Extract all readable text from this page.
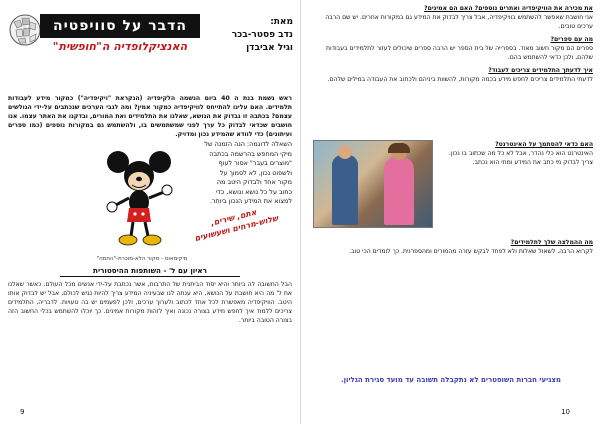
הדבר על סוויפטיה
האנציקלופדיה ה"חופשית"
מאת:
נדב פסטר-בכר
וגיל אביבדן
ראש נשמת בנת ה 40 ביום הנשמה הלקיפדיה (הנקראת "ויקיפדיה") כמקור מידע לעבודות תלמידים. האם עלינו להתייחס לוויקיפדיה כמקור אמין? ומה לגבי הערכים שנכתבים על-ידי הגולשים עצמם? בכתבה זו נבדוק את הנושא, שאלנו את התלמידים ואת המורים, ובדקנו את האתר עצמו. אנו חושבים שכדאי לבדוק כל ערך לפני שמשתמשים בו, ולהשתמש גם במקורות נוספים (כמו ספרים ועיתונים) כדי לוודא שהמידע נכון ומדויק.
השאלה לדוגמה: הנה הזמנה של מיקי המחפש בהרשמה בכתבה "מוצרים בעבר" אסור לעוף ולשפוט נכון, לא לסמוך על מקור אחד ולבדוק היטב מה כתוב על כל נושא ונושא, כדי למצוא את המידע הנכון ביותר.
מיקימאוס - מקור הלא-מוכרת-"החמה"
אתם, שירים, שלוש-מרחים ושעשועים
ראיון עם ל' - השותפות ההיסטורית
הבל החשובה לה ביותר והיא יסוד הביתנית של התרבות, אשר נכתבת על-ידי אנשים מכל העולם. כאשר שאלנו את ל' מה היא חושבת על הנושא, היא ענתה לנו שבעיניה המידע צריך להיות נגיש לכולם, אבל יש לבדוק אותו היטב. הוויקיפדיה מאפשרת לכל אחד לכתוב ולערוך ערכים, ולכן לפעמים יש בה טעויות. לדבריה, התלמידים צריכים ללמוד איך לחפש מידע בצורה נכונה ואיך לזהות מקורות אמינים. כך יוכלו להשתמש בכלי החשוב הזה בצורה הטובה ביותר.
9
את מכירה את הוויקיפדיה ואתרים נוספים? האם הם אמינים?
אני חושבת שאפשר להשתמש בוויקיפדיה, אבל צריך לבדוק את המידע גם במקורות אחרים. יש שם הרבה ערכים טובים.
מה עם ספרים?
ספרים הם מקור חשוב מאוד. בספרייה של בית הספר יש הרבה ספרים שיכולים לעזור לתלמידים בעבודות שלהם, ולכן כדאי להשתמש בהם.
איך לדעתך התלמידים צריכים לעבוד?
לדעתי התלמידים צריכים לחפש מידע בכמה מקורות, להשוות ביניהם ולכתוב את העבודה במילים שלהם.
האם כדאי להסתמך על האינטרנט?
האינטרנט הוא כלי נהדר, אבל לא כל מה שכתוב בו נכון. צריך לבדוק מי כתב את המידע ומתי הוא נכתב.
מה ההמלצה שלך לתלמידים?
לקרוא הרבה, לשאול שאלות ולא לפחד לבקש עזרה מהמורים ומהספרנית. כך לומדים הכי טוב.
מצגיעי חברות השופטרים לא נתקבלה תשובה עד מועד סגירת הגליון.
10
